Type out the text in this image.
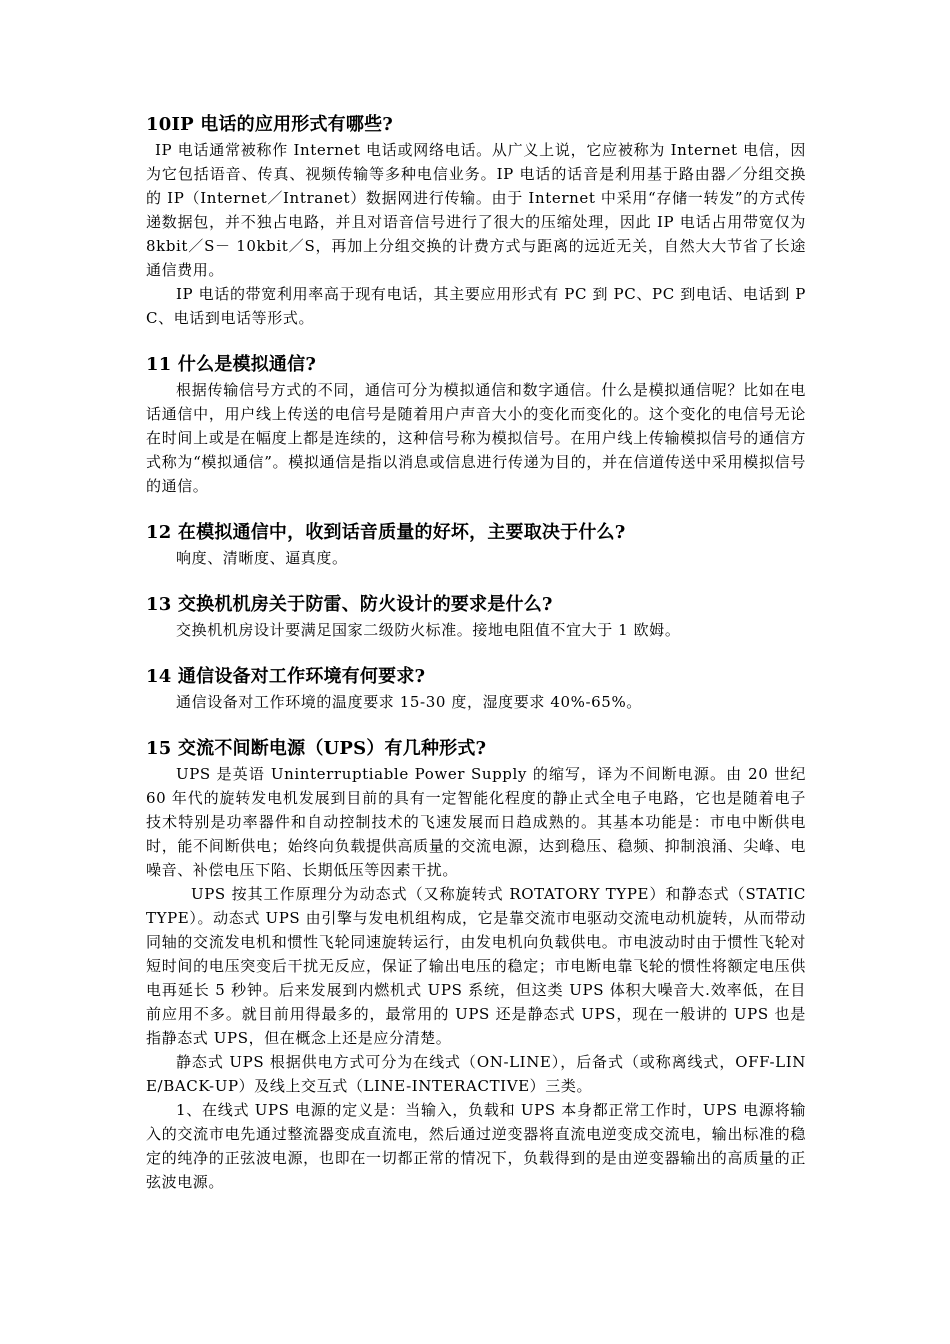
10IP 电话的应用形式有哪些?

IP 电话通常被称作 Internet 电话或网络电话。从广义上说，它应被称为 Internet 电信，因为它包括语音、传真、视频传输等多种电信业务。IP 电话的话音是利用基于路由器／分组交换的 IP（Internet／Intranet）数据网进行传输。由于 Internet 中采用“存储一转发”的方式传递数据包，并不独占电路，并且对语音信号进行了很大的压缩处理，因此 IP 电话占用带宽仅为 8kbit／S－ 10kbit／S，再加上分组交换的计费方式与距离的远近无关，自然大大节省了长途通信费用。

IP 电话的带宽利用率高于现有电话，其主要应用形式有 PC 到 PC、PC 到电话、电话到 PC、电话到电话等形式。

11 什么是模拟通信?

根据传输信号方式的不同，通信可分为模拟通信和数字通信。什么是模拟通信呢？比如在电话通信中，用户线上传送的电信号是随着用户声音大小的变化而变化的。这个变化的电信号无论在时间上或是在幅度上都是连续的，这种信号称为模拟信号。在用户线上传输模拟信号的通信方式称为“模拟通信”。模拟通信是指以消息或信息进行传递为目的，并在信道传送中采用模拟信号的通信。

12 在模拟通信中，收到话音质量的好坏，主要取决于什么?

响度、清晰度、逼真度。

13 交换机机房关于防雷、防火设计的要求是什么?

交换机机房设计要满足国家二级防火标准。接地电阻值不宜大于 1 欧姆。

14 通信设备对工作环境有何要求?

通信设备对工作环境的温度要求 15-30 度，湿度要求 40%-65%。

15 交流不间断电源（UPS）有几种形式?

UPS 是英语 Uninterruptiable Power Supply 的缩写，译为不间断电源。由 20 世纪 60 年代的旋转发电机发展到目前的具有一定智能化程度的静止式全电子电路，它也是随着电子技术特别是功率器件和自动控制技术的飞速发展而日趋成熟的。其基本功能是：市电中断供电时，能不间断供电；始终向负载提供高质量的交流电源，达到稳压、稳频、抑制浪涌、尖峰、电噪音、补偿电压下陷、长期低压等因素干扰。

UPS 按其工作原理分为动态式（又称旋转式 ROTATORY TYPE）和静态式（STATIC TYPE）。动态式 UPS 由引擎与发电机组构成，它是靠交流市电驱动交流电动机旋转，从而带动同轴的交流发电机和惯性飞轮同速旋转运行，由发电机向负载供电。市电波动时由于惯性飞轮对短时间的电压突变后干扰无反应，保证了输出电压的稳定；市电断电靠飞轮的惯性将额定电压供电再延长 5 秒钟。后来发展到内燃机式 UPS 系统，但这类 UPS 体积大噪音大.效率低，在目前应用不多。就目前用得最多的，最常用的 UPS 还是静态式 UPS，现在一般讲的 UPS 也是指静态式 UPS，但在概念上还是应分清楚。

静态式 UPS 根据供电方式可分为在线式（ON-LINE），后备式（或称离线式，OFF-LINE/BACK-UP）及线上交互式（LINE-INTERACTIVE）三类。

1、在线式 UPS 电源的定义是：当输入，负载和 UPS 本身都正常工作时，UPS 电源将输入的交流市电先通过整流器变成直流电，然后通过逆变器将直流电逆变成交流电，输出标准的稳定的纯净的正弦波电源，也即在一切都正常的情况下，负载得到的是由逆变器输出的高质量的正弦波电源。
